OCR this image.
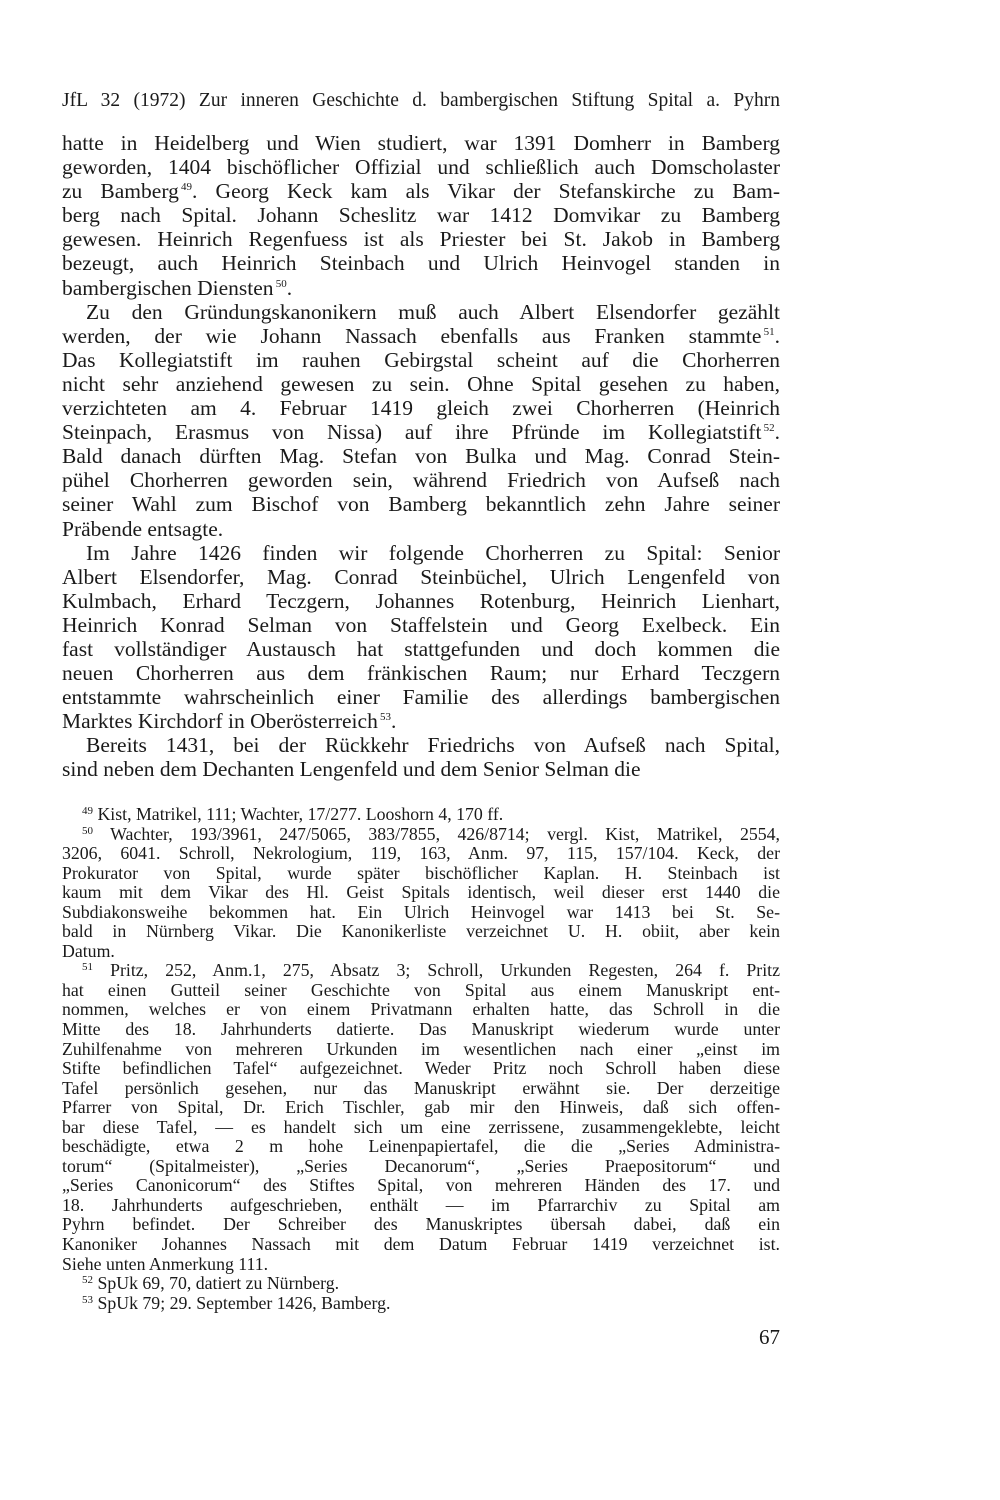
JfL 32 (1972) Zur inneren Geschichte d. bambergischen Stiftung Spital a. Pyhrn
hatte in Heidelberg und Wien studiert, war 1391 Domherr in Bamberg
geworden, 1404 bischöflicher Offizial und schließlich auch Domscholaster
zu Bamberg $^{49}$. Georg Keck kam als Vikar der Stefanskirche zu Bam-
berg nach Spital. Johann Scheslitz war 1412 Domvikar zu Bamberg
gewesen. Heinrich Regenfuess ist als Priester bei St. Jakob in Bamberg
bezeugt, auch Heinrich Steinbach und Ulrich Heinvogel standen in
bambergischen Diensten $^{50}$.
Zu den Gründungskanonikern muß auch Albert Elsendorfer gezählt
werden, der wie Johann Nassach ebenfalls aus Franken stammte $^{51}$.
Das Kollegiatstift im rauhen Gebirgstal scheint auf die Chorherren
nicht sehr anziehend gewesen zu sein. Ohne Spital gesehen zu haben,
verzichteten am 4. Februar 1419 gleich zwei Chorherren (Heinrich
Steinpach, Erasmus von Nissa) auf ihre Pfründe im Kollegiatstift $^{52}$.
Bald danach dürften Mag. Stefan von Bulka und Mag. Conrad Stein-
pühel Chorherren geworden sein, während Friedrich von Aufseß nach
seiner Wahl zum Bischof von Bamberg bekanntlich zehn Jahre seiner
Präbende entsagte.
Im Jahre 1426 finden wir folgende Chorherren zu Spital: Senior
Albert Elsendorfer, Mag. Conrad Steinbüchel, Ulrich Lengenfeld von
Kulmbach, Erhard Teczgern, Johannes Rotenburg, Heinrich Lienhart,
Heinrich Konrad Selman von Staffelstein und Georg Exelbeck. Ein
fast vollständiger Austausch hat stattgefunden und doch kommen die
neuen Chorherren aus dem fränkischen Raum; nur Erhard Teczgern
entstammte wahrscheinlich einer Familie des allerdings bambergischen
Marktes Kirchdorf in Oberösterreich $^{53}$.
Bereits 1431, bei der Rückkehr Friedrichs von Aufseß nach Spital,
sind neben dem Dechanten Lengenfeld und dem Senior Selman die
$^{49}$ Kist, Matrikel, 111; Wachter, 17/277. Looshorn 4, 170 ff.
$^{50}$ Wachter, 193/3961, 247/5065, 383/7855, 426/8714; vergl. Kist, Matrikel, 2554,
3206, 6041. Schroll, Nekrologium, 119, 163, Anm. 97, 115, 157/104. Keck, der
Prokurator von Spital, wurde später bischöflicher Kaplan. H. Steinbach ist
kaum mit dem Vikar des Hl. Geist Spitals identisch, weil dieser erst 1440 die
Subdiakonsweihe bekommen hat. Ein Ulrich Heinvogel war 1413 bei St. Se-
bald in Nürnberg Vikar. Die Kanonikerliste verzeichnet U. H. obiit, aber kein
Datum.
$^{51}$ Pritz, 252, Anm.1, 275, Absatz 3; Schroll, Urkunden Regesten, 264 f. Pritz
hat einen Gutteil seiner Geschichte von Spital aus einem Manuskript ent-
nommen, welches er von einem Privatmann erhalten hatte, das Schroll in die
Mitte des 18. Jahrhunderts datierte. Das Manuskript wiederum wurde unter
Zuhilfenahme von mehreren Urkunden im wesentlichen nach einer „einst im
Stifte befindlichen Tafel“ aufgezeichnet. Weder Pritz noch Schroll haben diese
Tafel persönlich gesehen, nur das Manuskript erwähnt sie. Der derzeitige
Pfarrer von Spital, Dr. Erich Tischler, gab mir den Hinweis, daß sich offen-
bar diese Tafel, — es handelt sich um eine zerrissene, zusammengeklebte, leicht
beschädigte, etwa 2 m hohe Leinenpapiertafel, die die „Series Administra-
torum“ (Spitalmeister), „Series Decanorum“, „Series Praepositorum“ und
„Series Canonicorum“ des Stiftes Spital, von mehreren Händen des 17. und
18. Jahrhunderts aufgeschrieben, enthält — im Pfarrarchiv zu Spital am
Pyhrn befindet. Der Schreiber des Manuskriptes übersah dabei, daß ein
Kanoniker Johannes Nassach mit dem Datum Februar 1419 verzeichnet ist.
Siehe unten Anmerkung 111.
$^{52}$ SpUk 69, 70, datiert zu Nürnberg.
$^{53}$ SpUk 79; 29. September 1426, Bamberg.
67
